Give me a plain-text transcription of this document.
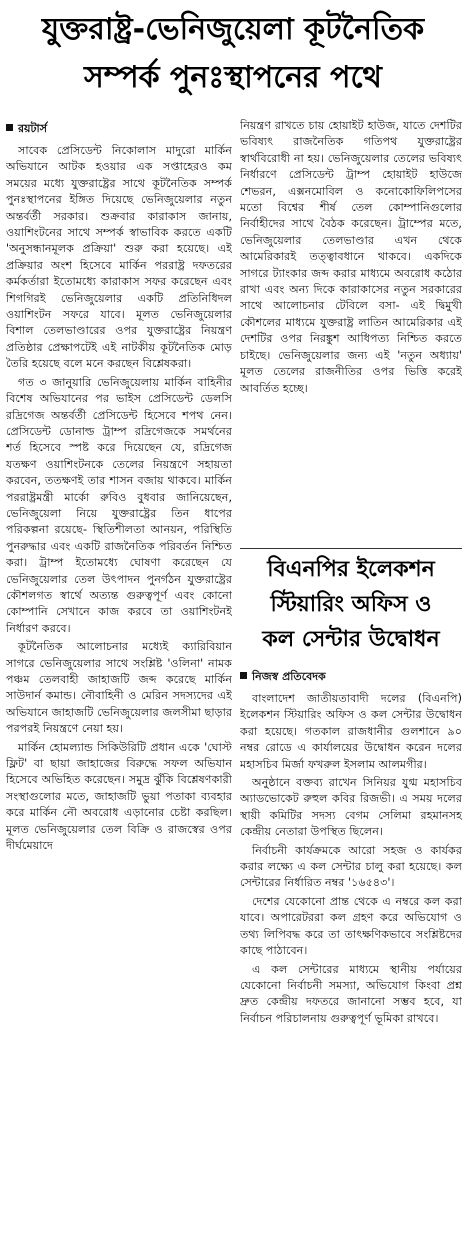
যুক্তরাষ্ট্র-ভেনিজুয়েলা কূটনৈতিক
সম্পর্ক পুনঃস্থাপনের পথে
রয়টার্স

সাবেক প্রেসিডেন্ট নিকোলাস মাদুরো মার্কিন অভিযানে আটক হওয়ার এক সপ্তাহেরও কম সময়ের মধ্যে যুক্তরাষ্ট্রের সাথে কূটনৈতিক সম্পর্ক পুনঃস্থাপনের ইঙ্গিত দিয়েছে ভেনিজুয়েলার নতুন অন্তর্বর্তী সরকার। শুক্রবার কারাকাস জানায়, ওয়াশিংটনের সাথে সম্পর্ক স্বাভাবিক করতে একটি 'অনুসন্ধানমূলক প্রক্রিয়া' শুরু করা হয়েছে। এই প্রক্রিয়ার অংশ হিসেবে মার্কিন পররাষ্ট্র দফতরের কর্মকর্তারা ইতোমধ্যে কারাকাস সফর করেছেন এবং শিগগিরই ভেনিজুয়েলার একটি প্রতিনিধিদল ওয়াশিংটন সফরে যাবে। মূলত ভেনিজুয়েলার বিশাল তেলভাণ্ডারের ওপর যুক্তরাষ্ট্রের নিয়ন্ত্রণ প্রতিষ্ঠার প্রেক্ষাপটেই এই নাটকীয় কূটনৈতিক মোড় তৈরি হয়েছে বলে মনে করছেন বিশ্লেষকরা।

গত ৩ জানুয়ারি ভেনিজুয়েলায় মার্কিন বাহিনীর বিশেষ অভিযানের পর ভাইস প্রেসিডেন্ট ডেলসি রদ্রিগেজ অন্তর্বর্তী প্রেসিডেন্ট হিসেবে শপথ নেন। প্রেসিডেন্ট ডোনাল্ড ট্রাম্প রদ্রিগেজকে সমর্থনের শর্ত হিসেবে স্পষ্ট করে দিয়েছেন যে, রদ্রিগেজ যতক্ষণ ওয়াশিংটনকে তেলের নিয়ন্ত্রণে সহায়তা করবেন, ততক্ষণই তার শাসন বজায় থাকবে। মার্কিন পররাষ্ট্রমন্ত্রী মার্কো রুবিও বুধবার জানিয়েছেন, ভেনিজুয়েলা নিয়ে যুক্তরাষ্ট্রের তিন ধাপের পরিকল্পনা রয়েছে- স্থিতিশীলতা আনয়ন, পরিস্থিতি পুনরুদ্ধার এবং একটি রাজনৈতিক পরিবর্তন নিশ্চিত করা। ট্রাম্প ইতোমধ্যে ঘোষণা করেছেন যে ভেনিজুয়েলার তেল উৎপাদন পুনর্গঠন যুক্তরাষ্ট্রের কৌশলগত স্বার্থে অত্যন্ত গুরুত্বপূর্ণ এবং কোনো কোম্পানি সেখানে কাজ করবে তা ওয়াশিংটনই নির্ধারণ করবে।

কূটনৈতিক আলোচনার মধ্যেই ক্যারিবিয়ান সাগরে ভেনিজুয়েলার সাথে সংশ্লিষ্ট 'ওলিনা' নামক পঞ্চম তেলবাহী জাহাজটি জব্দ করেছে মার্কিন সাউদার্ন কমান্ড। নৌবাহিনী ও মেরিন সদস্যদের এই অভিযানে জাহাজটি ভেনিজুয়েলার জলসীমা ছাড়ার পরপরই নিয়ন্ত্রণে নেয়া হয়।

মার্কিন হোমল্যান্ড সিকিউরিটি প্রধান একে 'ঘোস্ট ফ্লিট' বা ছায়া জাহাজের বিরুদ্ধে সফল অভিযান হিসেবে অভিহিত করেছেন। সমুদ্র ঝুঁকি বিশ্লেষণকারী সংস্থাগুলোর মতে, জাহাজটি ভুয়া পতাকা ব্যবহার করে মার্কিন নৌ অবরোধ এড়ানোর চেষ্টা করছিল। মূলত ভেনিজুয়েলার তেল বিক্রি ও রাজস্বের ওপর দীর্ঘমেয়াদে

নিয়ন্ত্রণ রাখতে চায় হোয়াইট হাউজ, যাতে দেশটির ভবিষ্যৎ রাজনৈতিক গতিপথ যুক্তরাষ্ট্রের স্বার্থবিরোধী না হয়। ভেনিজুয়েলার তেলের ভবিষ্যৎ নির্ধারণে প্রেসিডেন্ট ট্রাম্প হোয়াইট হাউজে শেভরন, এক্সনমোবিল ও কনোকোফিলিপসের মতো বিশ্বের শীর্ষ তেল কোম্পানিগুলোর নির্বাহীদের সাথে বৈঠক করেছেন। ট্রাম্পের মতে, ভেনিজুয়েলার তেলভাণ্ডার এখন থেকে আমেরিকারই তত্ত্বাবধানে থাকবে। একদিকে সাগরে ট্যাংকার জব্দ করার মাধ্যমে অবরোধ কঠোর রাখা এবং অন্য দিকে কারাকাসের নতুন সরকারের সাথে আলোচনার টেবিলে বসা- এই দ্বিমুখী কৌশলের মাধ্যমে যুক্তরাষ্ট্র লাতিন আমেরিকার এই দেশটির ওপর নিরঙ্কুশ আধিপত্য নিশ্চিত করতে চাইছে। ভেনিজুয়েলার জন্য এই 'নতুন অধ্যায়' মূলত তেলের রাজনীতির ওপর ভিত্তি করেই আবর্তিত হচ্ছে।

বিএনপির ইলেকশন
স্টিয়ারিং অফিস ও
কল সেন্টার উদ্বোধন
নিজস্ব প্রতিবেদক

বাংলাদেশ জাতীয়তাবাদী দলের (বিএনপি) ইলেকশন স্টিয়ারিং অফিস ও কল সেন্টার উদ্বোধন করা হয়েছে। গতকাল রাজধানীর গুলশানে ৯০ নম্বর রোডে এ কার্যালয়ের উদ্বোধন করেন দলের মহাসচিব মির্জা ফখরুল ইসলাম আলমগীর।

অনুষ্ঠানে বক্তব্য রাখেন সিনিয়র যুগ্ম মহাসচিব অ্যাডভোকেট রুহুল কবির রিজভী। এ সময় দলের স্থায়ী কমিটির সদস্য বেগম সেলিমা রহমানসহ কেন্দ্রীয় নেতারা উপস্থিত ছিলেন।

নির্বাচনী কার্যক্রমকে আরো সহজ ও কার্যকর করার লক্ষ্যে এ কল সেন্টার চালু করা হয়েছে। কল সেন্টারের নির্ধারিত নম্বর '১৬৫৪৩'।

দেশের যেকোনো প্রান্ত থেকে এ নম্বরে কল করা যাবে। অপারেটররা কল গ্রহণ করে অভিযোগ ও তথ্য লিপিবদ্ধ করে তা তাৎক্ষণিকভাবে সংশ্লিষ্টদের কাছে পাঠাবেন।

এ কল সেন্টারের মাধ্যমে স্থানীয় পর্যায়ের যেকোনো নির্বাচনী সমস্যা, অভিযোগ কিংবা প্রশ্ন দ্রুত কেন্দ্রীয় দফতরে জানানো সম্ভব হবে, যা নির্বাচন পরিচালনায় গুরুত্বপূর্ণ ভূমিকা রাখবে।
